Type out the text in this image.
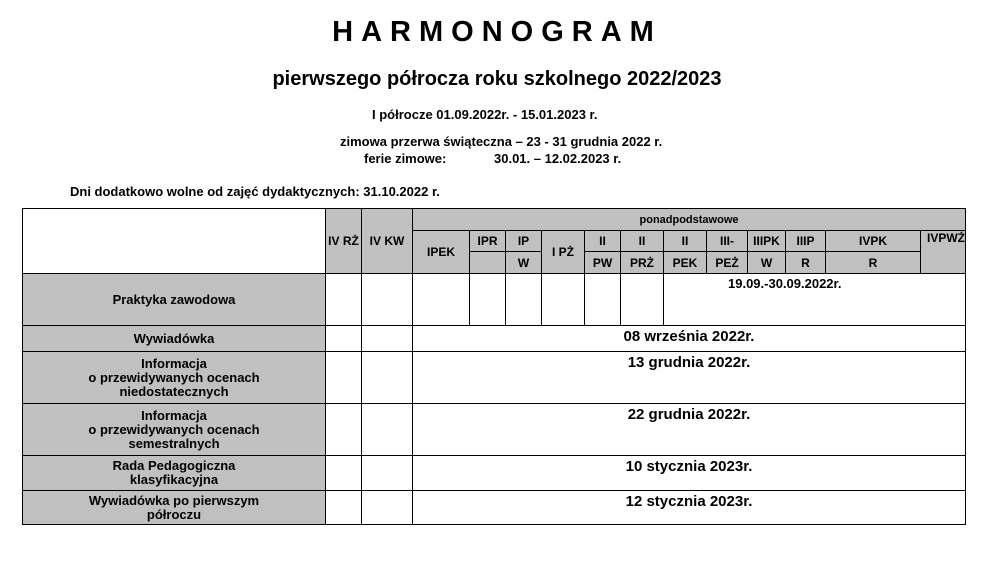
HARMONOGRAM
pierwszego półrocza roku szkolnego 2022/2023
I półrocze 01.09.2022r. - 15.01.2023 r.
zimowa przerwa świąteczna – 23 - 31 grudnia 2022 r.
ferie zimowe:	30.01. – 12.02.2023 r.
Dni dodatkowo wolne od zajęć dydaktycznych: 31.10.2022 r.
	IV RŻ	IV KW	ponadpodstawowe											
			IPEK	IPR	IP	I PŻ	II	II	II	III-	IIIPK	IIIP	IVPK	IVPWŻ
					W		PW	PRŻ	PEK	PEŻ	W	R	R	
Praktyka zawodowa									19.09.-30.09.2022r.					
Wywiadówka			08 września 2022r.											
Informacja
o przewidywanych ocenach
niedostatecznych			13 grudnia 2022r.											
Informacja
o przewidywanych ocenach
semestralnych			22 grudnia 2022r.											
Rada Pedagogiczna
klasyfikacyjna			10 stycznia 2023r.											
Wywiadówka po pierwszym
półroczu			12 stycznia 2023r.											
